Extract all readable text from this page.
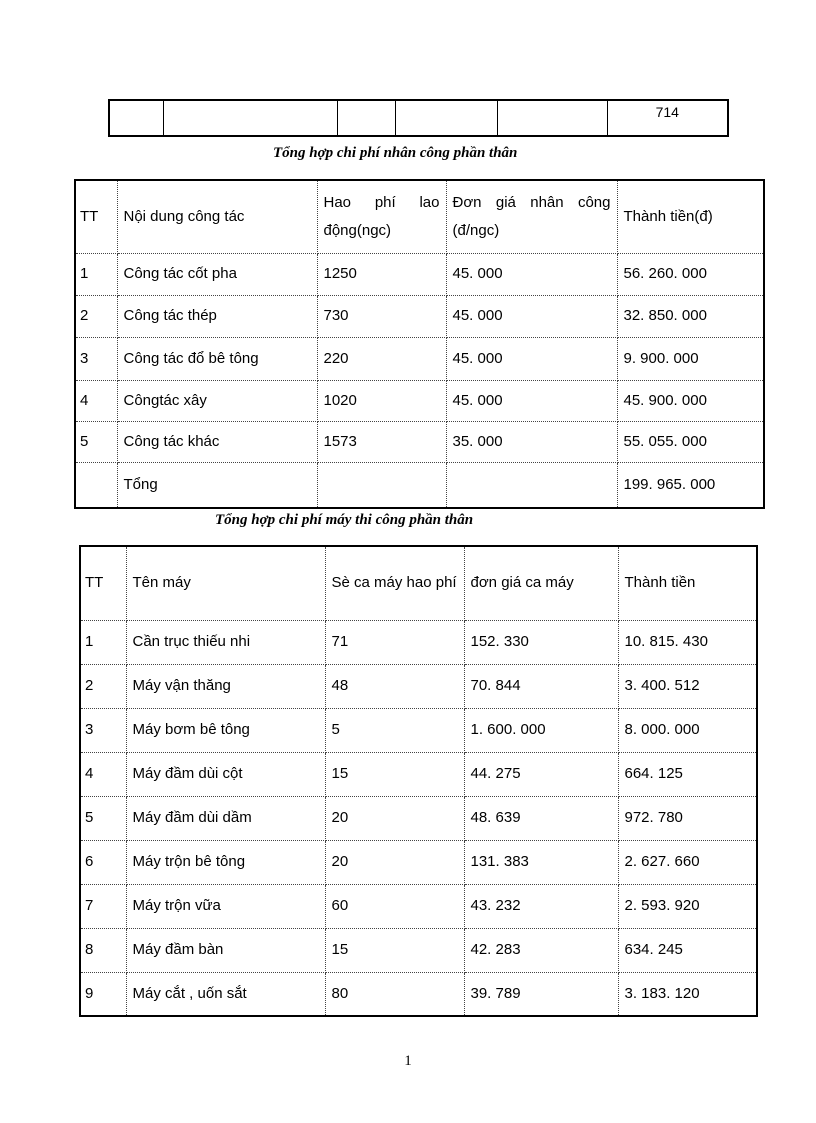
					714
Tổng hợp chi phí nhân công phần thân
TT	Nội dung công tác	Hao phí lao động(ngc)	Đơn giá nhân công (đ/ngc)	Thành tiền(đ)
1	Công tác cốt pha	1250	45. 000	56. 260. 000
2	Công tác thép	730	45. 000	32. 850. 000
3	Công tác đổ bê tông	220	45. 000	9. 900. 000
4	Côngtác xây	1020	45. 000	45. 900. 000
5	Công tác khác	1573	35. 000	55. 055. 000
	Tổng			199. 965. 000
Tổng hợp chi phí máy thi công phần thân
TT	Tên máy	Sè ca máy hao phí	đơn giá ca máy	Thành tiền
1	Cần trục thiếu nhi	71	152. 330	10. 815. 430
2	Máy vận thăng	48	70. 844	3. 400. 512
3	Máy bơm bê tông	5	1. 600. 000	8. 000. 000
4	Máy đầm dùi cột	15	44. 275	664. 125
5	Máy đầm dùi dầm	20	48. 639	972. 780
6	Máy trộn bê tông	20	131. 383	2. 627. 660
7	Máy trộn vữa	60	43. 232	2. 593. 920
8	Máy đầm bàn	15	42. 283	634. 245
9	Máy cắt , uốn sắt	80	39. 789	3. 183. 120
1
